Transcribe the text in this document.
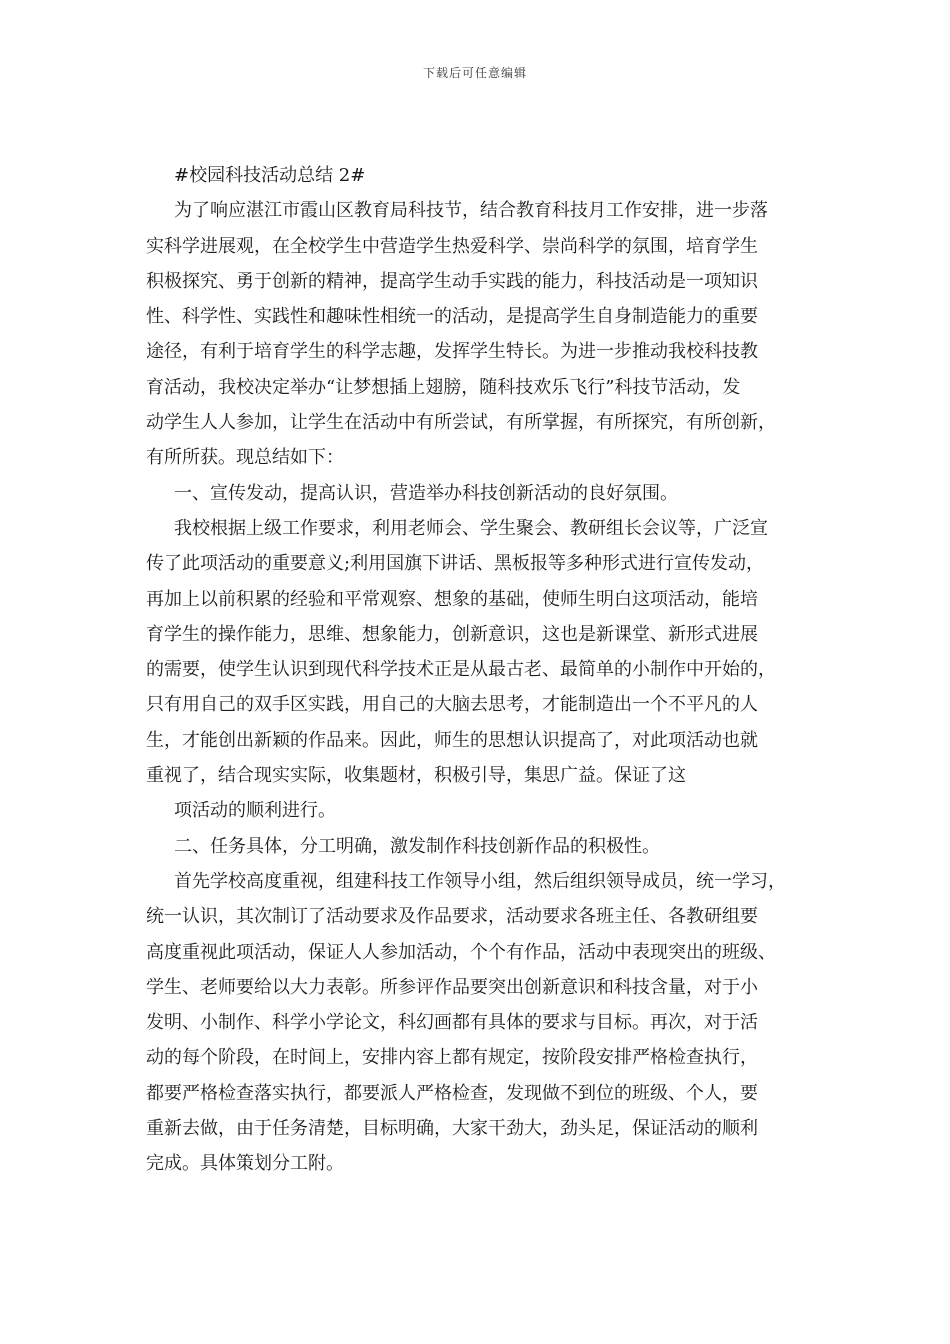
下载后可任意编辑

#校园科技活动总结 2#

为了响应湛江市霞山区教育局科技节，结合教育科技月工作安排，进一步落
实科学进展观，在全校学生中营造学生热爱科学、崇尚科学的氛围，培育学生
积极探究、勇于创新的精神，提高学生动手实践的能力，科技活动是一项知识
性、科学性、实践性和趣味性相统一的活动，是提高学生自身制造能力的重要
途径，有利于培育学生的科学志趣，发挥学生特长。为进一步推动我校科技教
育活动，我校决定举办“让梦想插上翅膀，随科技欢乐飞行”科技节活动，发
动学生人人参加，让学生在活动中有所尝试，有所掌握，有所探究，有所创新，
有所所获。现总结如下：

一、宣传发动，提高认识，营造举办科技创新活动的良好氛围。

我校根据上级工作要求，利用老师会、学生聚会、教研组长会议等，广泛宣
传了此项活动的重要意义;利用国旗下讲话、黑板报等多种形式进行宣传发动，
再加上以前积累的经验和平常观察、想象的基础，使师生明白这项活动，能培
育学生的操作能力，思维、想象能力，创新意识，这也是新课堂、新形式进展
的需要，使学生认识到现代科学技术正是从最古老、最简单的小制作中开始的，
只有用自己的双手区实践，用自己的大脑去思考，才能制造出一个不平凡的人
生，才能创出新颖的作品来。因此，师生的思想认识提高了，对此项活动也就
重视了，结合现实实际，收集题材，积极引导，集思广益。保证了这

项活动的顺利进行。

二、任务具体，分工明确，激发制作科技创新作品的积极性。

首先学校高度重视，组建科技工作领导小组，然后组织领导成员，统一学习，
统一认识，其次制订了活动要求及作品要求，活动要求各班主任、各教研组要
高度重视此项活动，保证人人参加活动，个个有作品，活动中表现突出的班级、
学生、老师要给以大力表彰。所参评作品要突出创新意识和科技含量，对于小
发明、小制作、科学小学论文，科幻画都有具体的要求与目标。再次，对于活
动的每个阶段，在时间上，安排内容上都有规定，按阶段安排严格检查执行，
都要严格检查落实执行，都要派人严格检查，发现做不到位的班级、个人，要
重新去做，由于任务清楚，目标明确，大家干劲大，劲头足，保证活动的顺利
完成。具体策划分工附。
